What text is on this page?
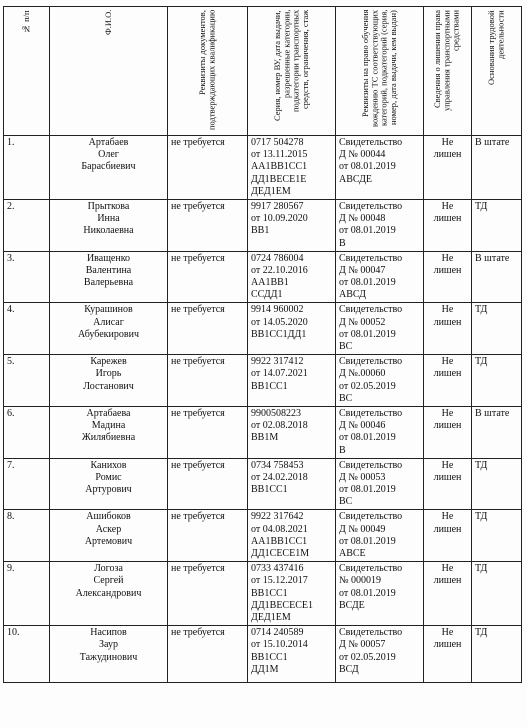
№ п/п	Ф.И.О.	Реквизиты документов, подтверждающих квалификацию	Серия, номер ВУ, дата выдачи, разрешенные категории, подкатегории транспортных средств, ограничения, стаж	Реквизиты на право обучения вождению ТС соответствующих категорий, подкатегорий (серия, номер, дата выдачи, кем выдан)	Сведения о лишении права управления транспортными средствами	Основания трудовой деятельности

1.	Артабаев
Олег
Барасбиевич	не требуется	0717 504278
от 13.11.2015
AA1BB1CC1
ДД1ВЕСЕ1Е
ДЕД1ЕМ	Свидетельство
Д № 00044
от 08.01.2019
АВСДЕ	Не
лишен	В штате
2.	Прыткова
Инна
Николаевна	не требуется	9917 280567
от 10.09.2020
BB1	Свидетельство
Д № 00048
от 08.01.2019
В	Не
лишен	ТД
3.	Иващенко
Валентина
Валерьевна	не требуется	0724 786004
от 22.10.2016
AA1BB1
ССДД1	Свидетельство
Д № 00047
от 08.01.2019
АВСД	Не
лишен	В штате
4.	Курашинов
Алисаг
Абубекирович	не требуется	9914 960002
от 14.05.2020
BB1CC1ДД1	Свидетельство
Д № 00052
от 08.01.2019
ВС	Не
лишен	ТД
5.	Карежев
Игорь
Лостанович	не требуется	9922 317412
от 14.07.2021
BB1CC1	Свидетельство
Д №.00060
от 02.05.2019
ВС	Не
лишен	ТД
6.	Артабаева
Мадина
Жилябиевна	не требуется	9900508223
от 02.08.2018
BB1M	Свидетельство
Д № 00046
от 08.01.2019
В	Не
лишен	В штате
7.	Канихов
Ромис
Артурович	не требуется	0734 758453
от 24.02.2018
BB1CC1	Свидетельство
Д № 00053
от 08.01.2019
ВС	Не
лишен	ТД
8.	Ашибоков
Аскер
Артемович	не требуется	9922 317642
от 04.08.2021
AA1BB1CC1
ДД1СЕСЕ1М	Свидетельство
Д № 00049
от 08.01.2019
АВСЕ	Не
лишен	ТД
9.	Логоза
Сергей
Александрович	не требуется	0733 437416
от 15.12.2017
BB1CC1
ДД1ВЕСЕСЕ1
ДЕД1ЕМ	Свидетельство
№ 000019
от 08.01.2019
ВСДЕ	Не
лишен	ТД
10.	Насипов
Заур
Тажудинович	не требуется	0714 240589
от 15.10.2014
BB1CC1
ДД1М	Свидетельство
Д № 00057
от 02.05.2019
ВСД	Не
лишен	ТД
